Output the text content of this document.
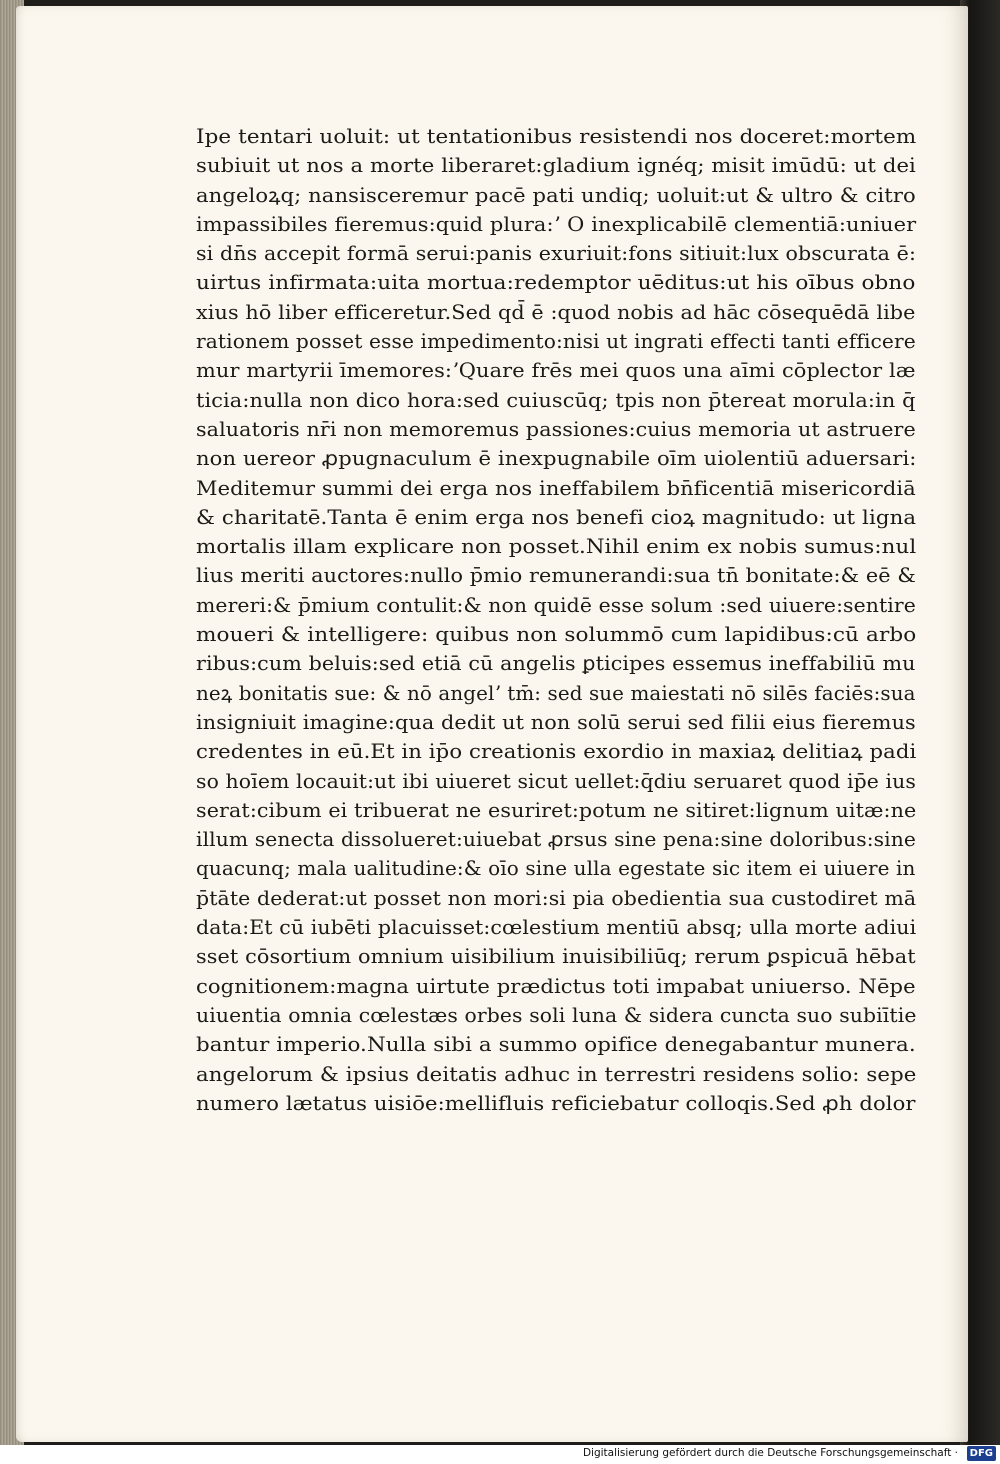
Ipe tentari uoluit: ut tentationibus resistendi nos doceret:mortem
subiuit ut nos a morte liberaret:gladium ignéq; misit imūdū: ut dei
angeloꝝq; nansisceremur pacē pati undiq; uoluit:ut & ultro & citro
impassibiles fieremus:quid plura:ʼ O inexplicabilē clementiā:uniuer
si dn̄s accepit formā serui:panis exuriuit:fons sitiuit:lux obscurata ē:
uirtus infirmata:uita mortua:redemptor uēditus:ut his oībus obno
xius hō liber efficeretur.Sed qd̄ ē :quod nobis ad hāc cōsequēdā libe
rationem posset esse impedimento:nisi ut ingrati effecti tanti efficere
mur martyrii īmemores:ʼQuare frēs mei quos una aīmi cōplector læ
ticia:nulla non dico hora:sed cuiuscūq; tpis non p̄tereat morula:in q̄
saluatoris nr̄i non memoremus passiones:cuius memoria ut astruere
non uereor ꝓpugnaculum ē inexpugnabile oīm uiolentiū aduersari:
Meditemur summi dei erga nos ineffabilem bn̄ficentiā misericordiā
& charitatē.Tanta ē enim erga nos benefi cioꝝ magnitudo: ut ligna
mortalis illam explicare non posset.Nihil enim ex nobis sumus:nul
lius meriti auctores:nullo p̄mio remunerandi:sua tn̄ bonitate:& eē &
mereri:& p̄mium contulit:& non quidē esse solum :sed uiuere:sentire
moueri & intelligere: quibus non solummō cum lapidibus:cū arbo
ribus:cum beluis:sed etiā cū angelis ꝑticipes essemus ineffabiliū mu
neꝝ bonitatis sue: & nō angelʼ tm̄: sed sue maiestati nō silēs faciēs:sua
insigniuit imagine:qua dedit ut non solū serui sed filii eius fieremus
credentes in eū.Et in ip̄o creationis exordio in maxiaꝝ delitiaꝝ padi
so hoīem locauit:ut ibi uiueret sicut uellet:q̄diu seruaret quod ip̄e ius
serat:cibum ei tribuerat ne esuriret:potum ne sitiret:lignum uitæ:ne
illum senecta dissolueret:uiuebat ꝓrsus sine pena:sine doloribus:sine
quacunq; mala ualitudine:& oīo sine ulla egestate sic item ei uiuere in
p̄tāte dederat:ut posset non mori:si pia obedientia sua custodiret mā
data:Et cū iubēti placuisset:cœlestium mentiū absq; ulla morte adiui
sset cōsortium omnium uisibilium inuisibiliūq; rerum ꝑspicuā hēbat
cognitionem:magna uirtute prædictus toti impabat uniuerso. Nēpe
uiuentia omnia cœlestæs orbes soli luna & sidera cuncta suo subiītie
bantur imperio.Nulla sibi a summo opifice denegabantur munera.
angelorum & ipsius deitatis adhuc in terrestri residens solio: sepe
numero lætatus uisiōe:mellifluis reficiebatur colloqis.Sed ꝓh dolor
Digitalisierung gefördert durch die Deutsche Forschungsgemeinschaft ·	DFG
